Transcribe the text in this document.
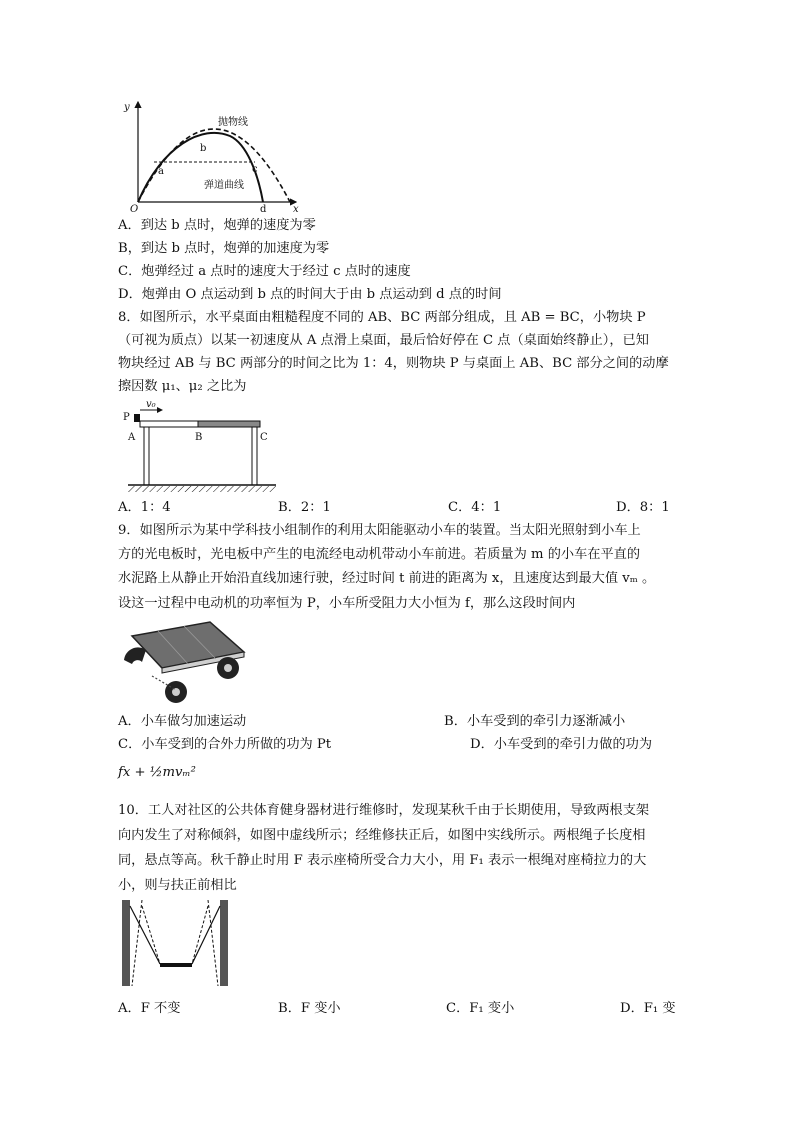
y
x
O
抛物线
弹道曲线
a
b
c
d
A．到达 b 点时，炮弹的速度为零
B，到达 b 点时，炮弹的加速度为零
C．炮弹经过 a 点时的速度大于经过 c 点时的速度
D．炮弹由 O 点运动到 b 点的时间大于由 b 点运动到 d 点的时间
8．如图所示，水平桌面由粗糙程度不同的 AB、BC 两部分组成，且 AB = BC，小物块 P
（可视为质点）以某一初速度从 A 点滑上桌面，最后恰好停在 C 点（桌面始终静止），已知
物块经过 AB 与 BC 两部分的时间之比为 1：4，则物块 P 与桌面上 AB、BC 部分之间的动摩
擦因数 μ₁、μ₂ 之比为
P
v₀
A	B	C
A．1：4	B．2：1	C．4：1	D．8：1
9．如图所示为某中学科技小组制作的利用太阳能驱动小车的装置。当太阳光照射到小车上
方的光电板时，光电板中产生的电流经电动机带动小车前进。若质量为 m 的小车在平直的
水泥路上从静止开始沿直线加速行驶，经过时间 t 前进的距离为 x，且速度达到最大值 vₘ 。
设这一过程中电动机的功率恒为 P，小车所受阻力大小恒为 f，那么这段时间内
A．小车做匀加速运动	B．小车受到的牵引力逐渐减小
C．小车受到的合外力所做的功为 Pt	D．小车受到的牵引力做的功为
fx + ½mvₘ²
10．工人对社区的公共体育健身器材进行维修时，发现某秋千由于长期使用，导致两根支架
向内发生了对称倾斜，如图中虚线所示；经维修扶正后，如图中实线所示。两根绳子长度相
同，悬点等高。秋千静止时用 F 表示座椅所受合力大小，用 F₁ 表示一根绳对座椅拉力的大
小，则与扶正前相比
A．F 不变	B．F 变小	C．F₁ 变小	D．F₁ 变
